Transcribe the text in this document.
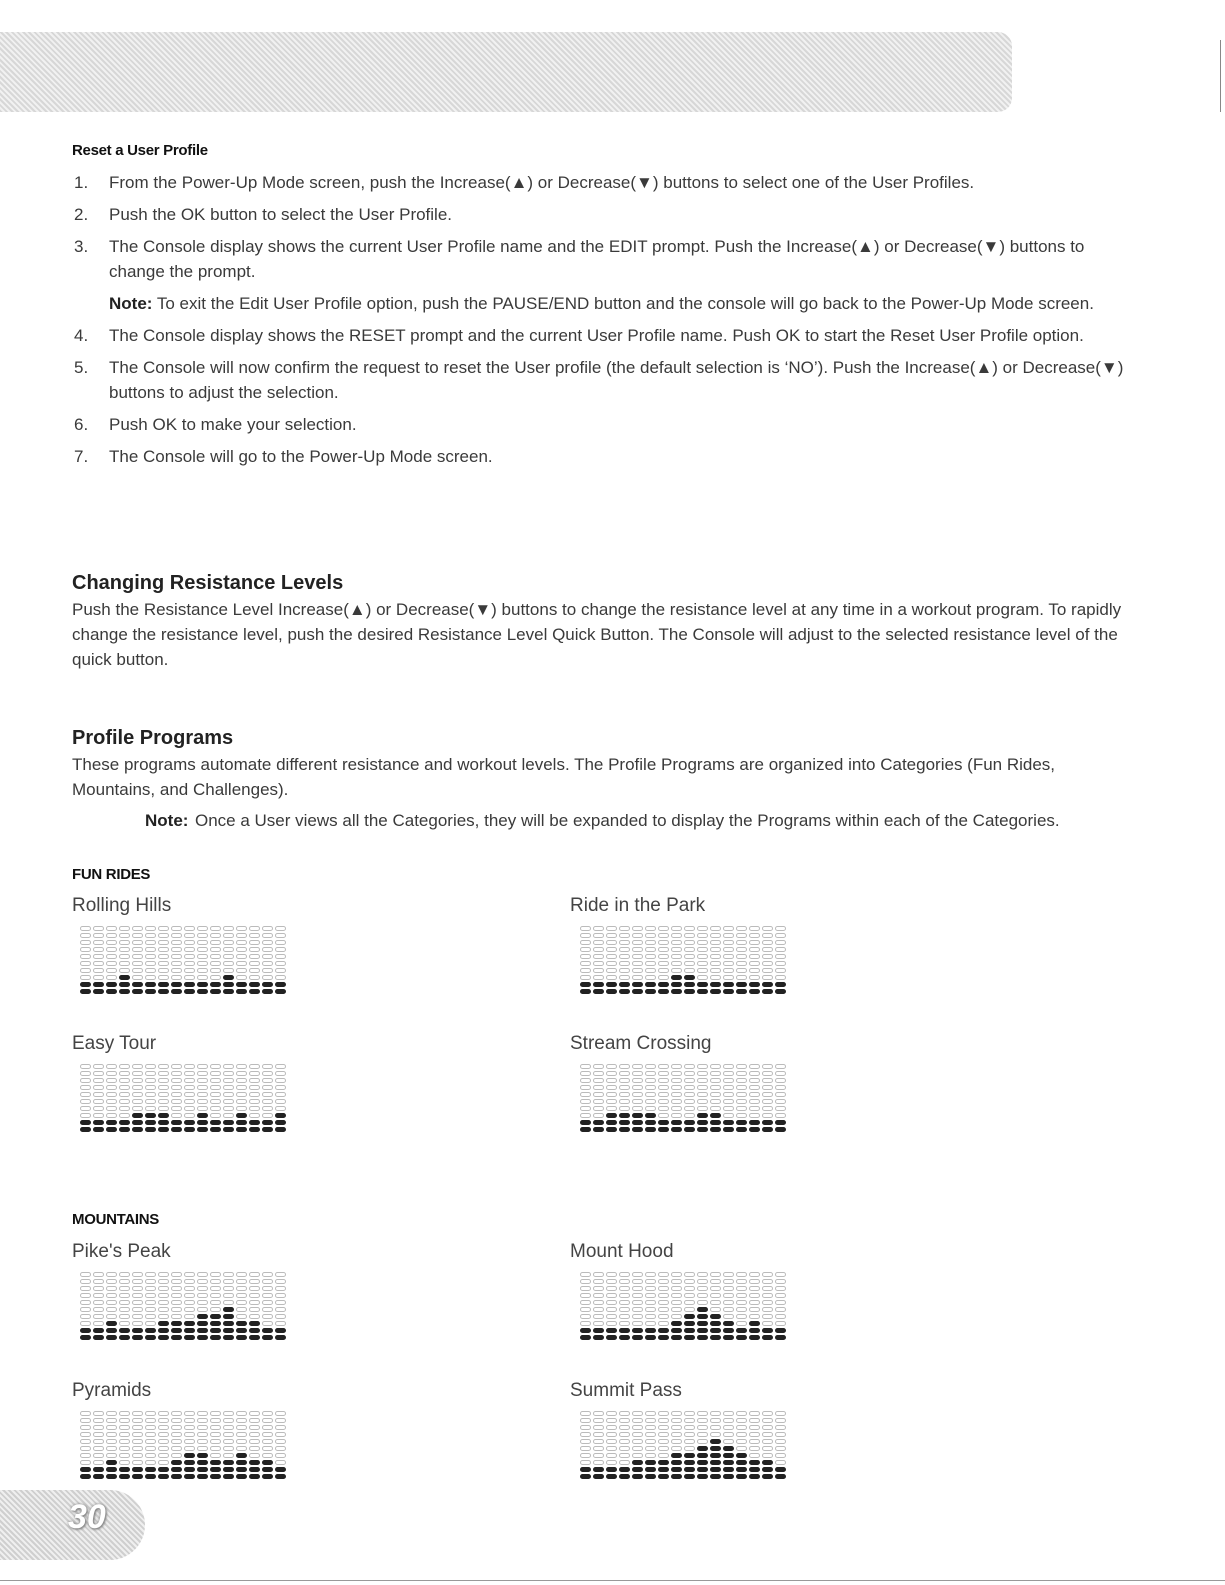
Reset a User Profile
1. From the Power-Up Mode screen, push the Increase(▲) or Decrease(▼) buttons to select one of the User Profiles.
2. Push the OK button to select the User Profile.
3. The Console display shows the current User Profile name and the EDIT prompt. Push the Increase(▲) or Decrease(▼) buttons to change the prompt.
Note: To exit the Edit User Profile option, push the PAUSE/END button and the console will go back to the Power-Up Mode screen.
4. The Console display shows the RESET prompt and the current User Profile name. Push OK to start the Reset User Profile option.
5. The Console will now confirm the request to reset the User profile (the default selection is ‘NO’). Push the Increase(▲) or Decrease(▼) buttons to adjust the selection.
6. Push OK to make your selection.
7. The Console will go to the Power-Up Mode screen.
Changing Resistance Levels
Push the Resistance Level Increase(▲) or Decrease(▼) buttons to change the resistance level at any time in a workout program. To rapidly change the resistance level, push the desired Resistance Level Quick Button. The Console will adjust to the selected resistance level of the quick button.
Profile Programs
These programs automate different resistance and workout levels. The Profile Programs are organized into Categories (Fun Rides, Mountains, and Challenges).
Note: Once a User views all the Categories, they will be expanded to display the Programs within each of the Categories.
FUN RIDES
MOUNTAINS
Rolling Hills	Ride in the Park
Easy Tour	Stream Crossing
Pike's Peak	Mount Hood
Pyramids	Summit Pass
30
